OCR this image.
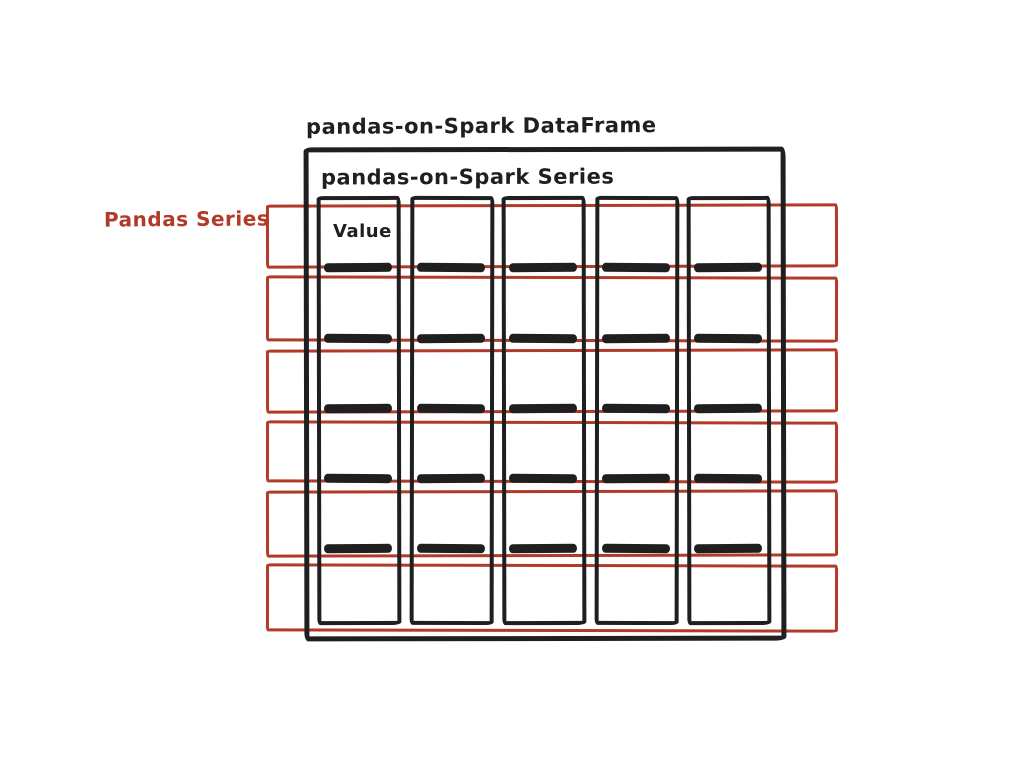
pandas-on-Spark DataFrame
pandas-on-Spark Series
Pandas Series	Value
